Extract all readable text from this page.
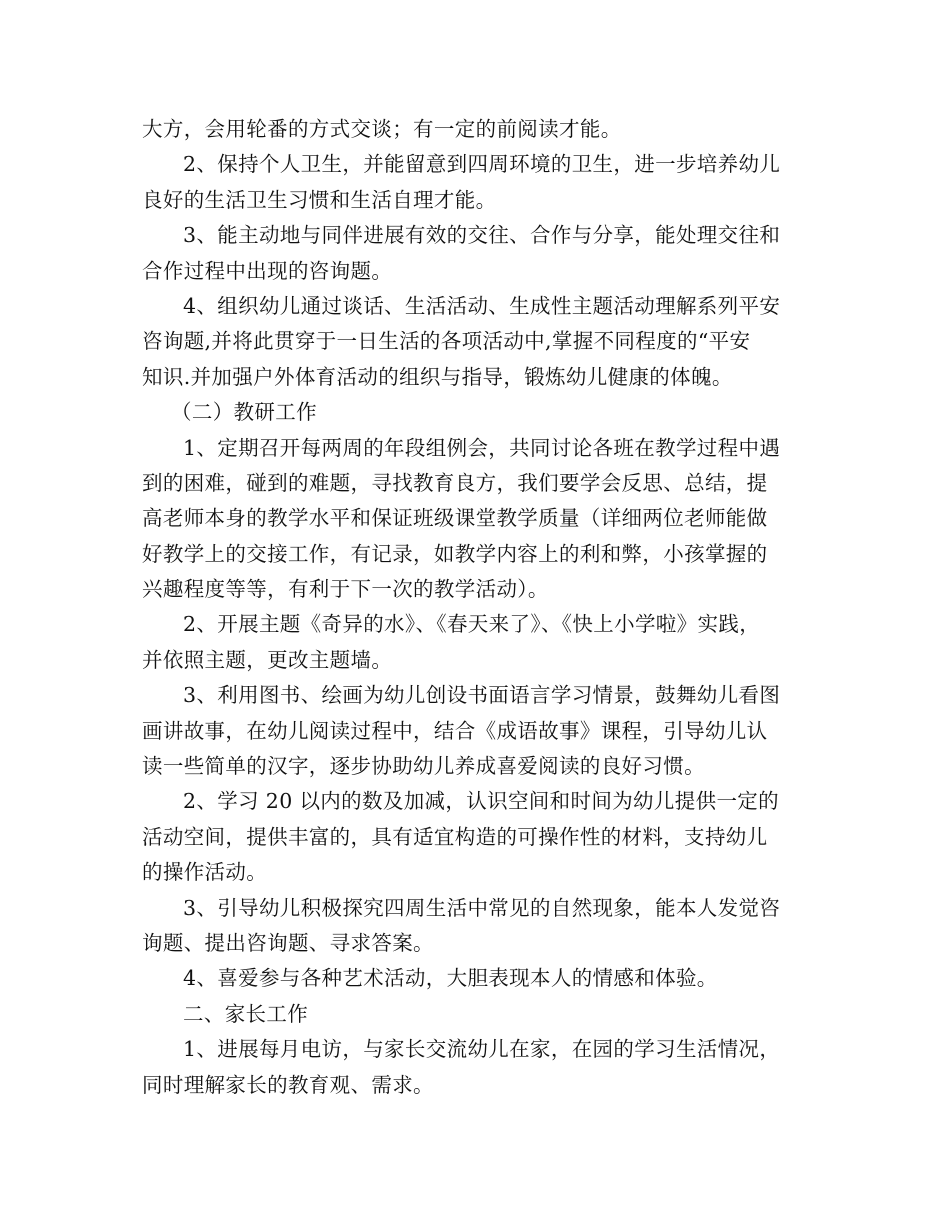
大方，会用轮番的方式交谈；有一定的前阅读才能。
2、保持个人卫生，并能留意到四周环境的卫生，进一步培养幼儿
良好的生活卫生习惯和生活自理才能。
3、能主动地与同伴进展有效的交往、合作与分享，能处理交往和
合作过程中出现的咨询题。
4、组织幼儿通过谈话、生活活动、生成性主题活动理解系列平安
咨询题,并将此贯穿于一日生活的各项活动中,掌握不同程度的“平安
知识.并加强户外体育活动的组织与指导，锻炼幼儿健康的体魄。
（二）教研工作
1、定期召开每两周的年段组例会，共同讨论各班在教学过程中遇
到的困难，碰到的难题，寻找教育良方，我们要学会反思、总结，提
高老师本身的教学水平和保证班级课堂教学质量（详细两位老师能做
好教学上的交接工作，有记录，如教学内容上的利和弊，小孩掌握的
兴趣程度等等，有利于下一次的教学活动）。
2、开展主题《奇异的水》、《春天来了》、《快上小学啦》实践，
并依照主题，更改主题墙。
3、利用图书、绘画为幼儿创设书面语言学习情景，鼓舞幼儿看图
画讲故事，在幼儿阅读过程中，结合《成语故事》课程，引导幼儿认
读一些简单的汉字，逐步协助幼儿养成喜爱阅读的良好习惯。
2、学习 20 以内的数及加减，认识空间和时间为幼儿提供一定的
活动空间，提供丰富的，具有适宜构造的可操作性的材料，支持幼儿
的操作活动。
3、引导幼儿积极探究四周生活中常见的自然现象，能本人发觉咨
询题、提出咨询题、寻求答案。
4、喜爱参与各种艺术活动，大胆表现本人的情感和体验。
二、家长工作
1、进展每月电访，与家长交流幼儿在家，在园的学习生活情况，
同时理解家长的教育观、需求。
